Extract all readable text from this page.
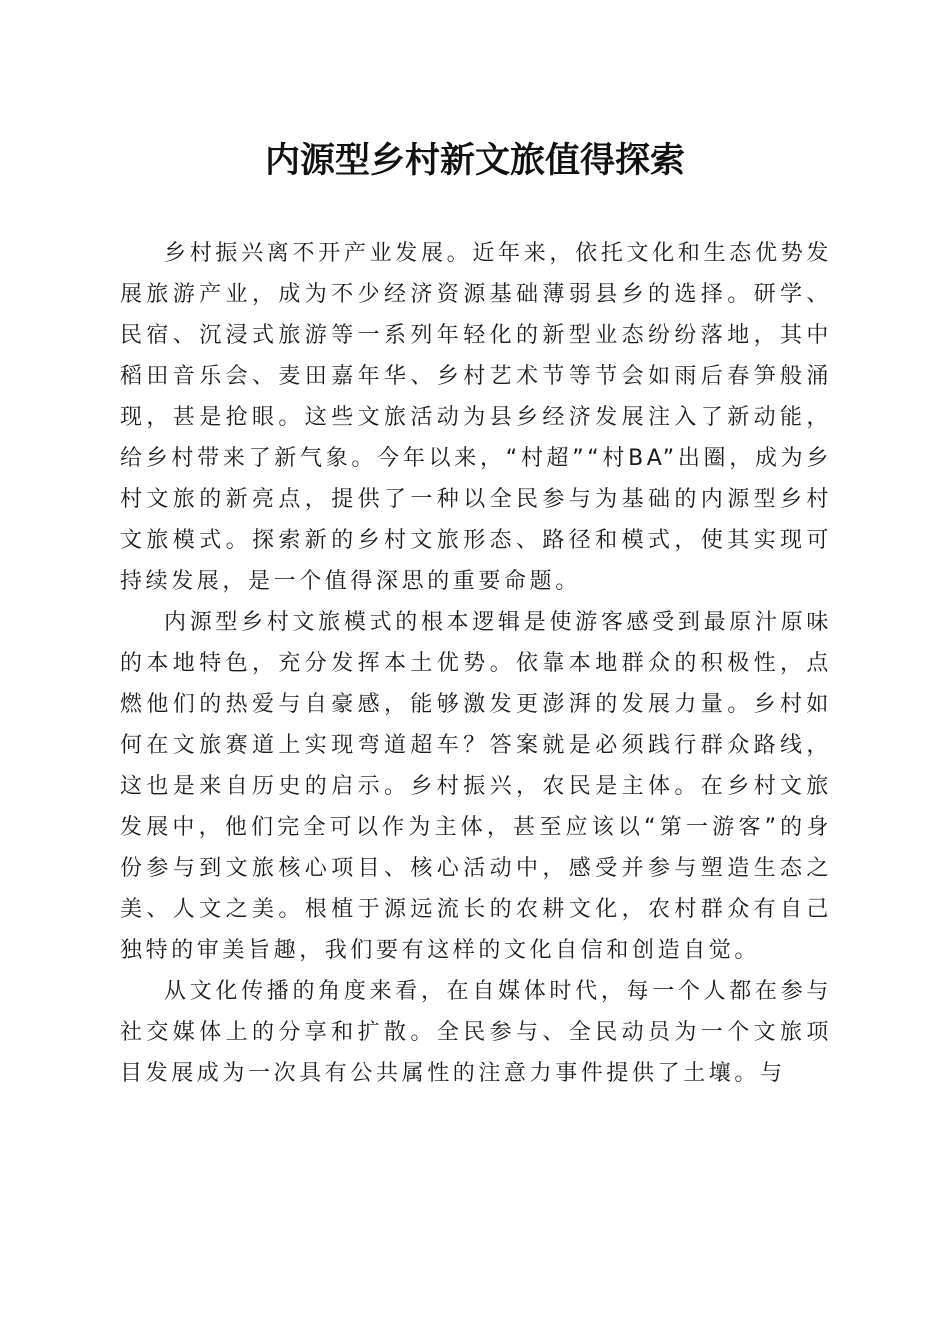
内源型乡村新文旅值得探索

乡村振兴离不开产业发展。近年来，依托文化和生态优势发展旅游产业，成为不少经济资源基础薄弱县乡的选择。研学、民宿、沉浸式旅游等一系列年轻化的新型业态纷纷落地，其中稻田音乐会、麦田嘉年华、乡村艺术节等节会如雨后春笋般涌现，甚是抢眼。这些文旅活动为县乡经济发展注入了新动能，给乡村带来了新气象。今年以来，“村超”“村BA”出圈，成为乡村文旅的新亮点，提供了一种以全民参与为基础的内源型乡村文旅模式。探索新的乡村文旅形态、路径和模式，使其实现可持续发展，是一个值得深思的重要命题。

内源型乡村文旅模式的根本逻辑是使游客感受到最原汁原味的本地特色，充分发挥本土优势。依靠本地群众的积极性，点燃他们的热爱与自豪感，能够激发更澎湃的发展力量。乡村如何在文旅赛道上实现弯道超车？答案就是必须践行群众路线，这也是来自历史的启示。乡村振兴，农民是主体。在乡村文旅发展中，他们完全可以作为主体，甚至应该以“第一游客”的身份参与到文旅核心项目、核心活动中，感受并参与塑造生态之美、人文之美。根植于源远流长的农耕文化，农村群众有自己独特的审美旨趣，我们要有这样的文化自信和创造自觉。

从文化传播的角度来看，在自媒体时代，每一个人都在参与社交媒体上的分享和扩散。全民参与、全民动员为一个文旅项目发展成为一次具有公共属性的注意力事件提供了土壤。与
